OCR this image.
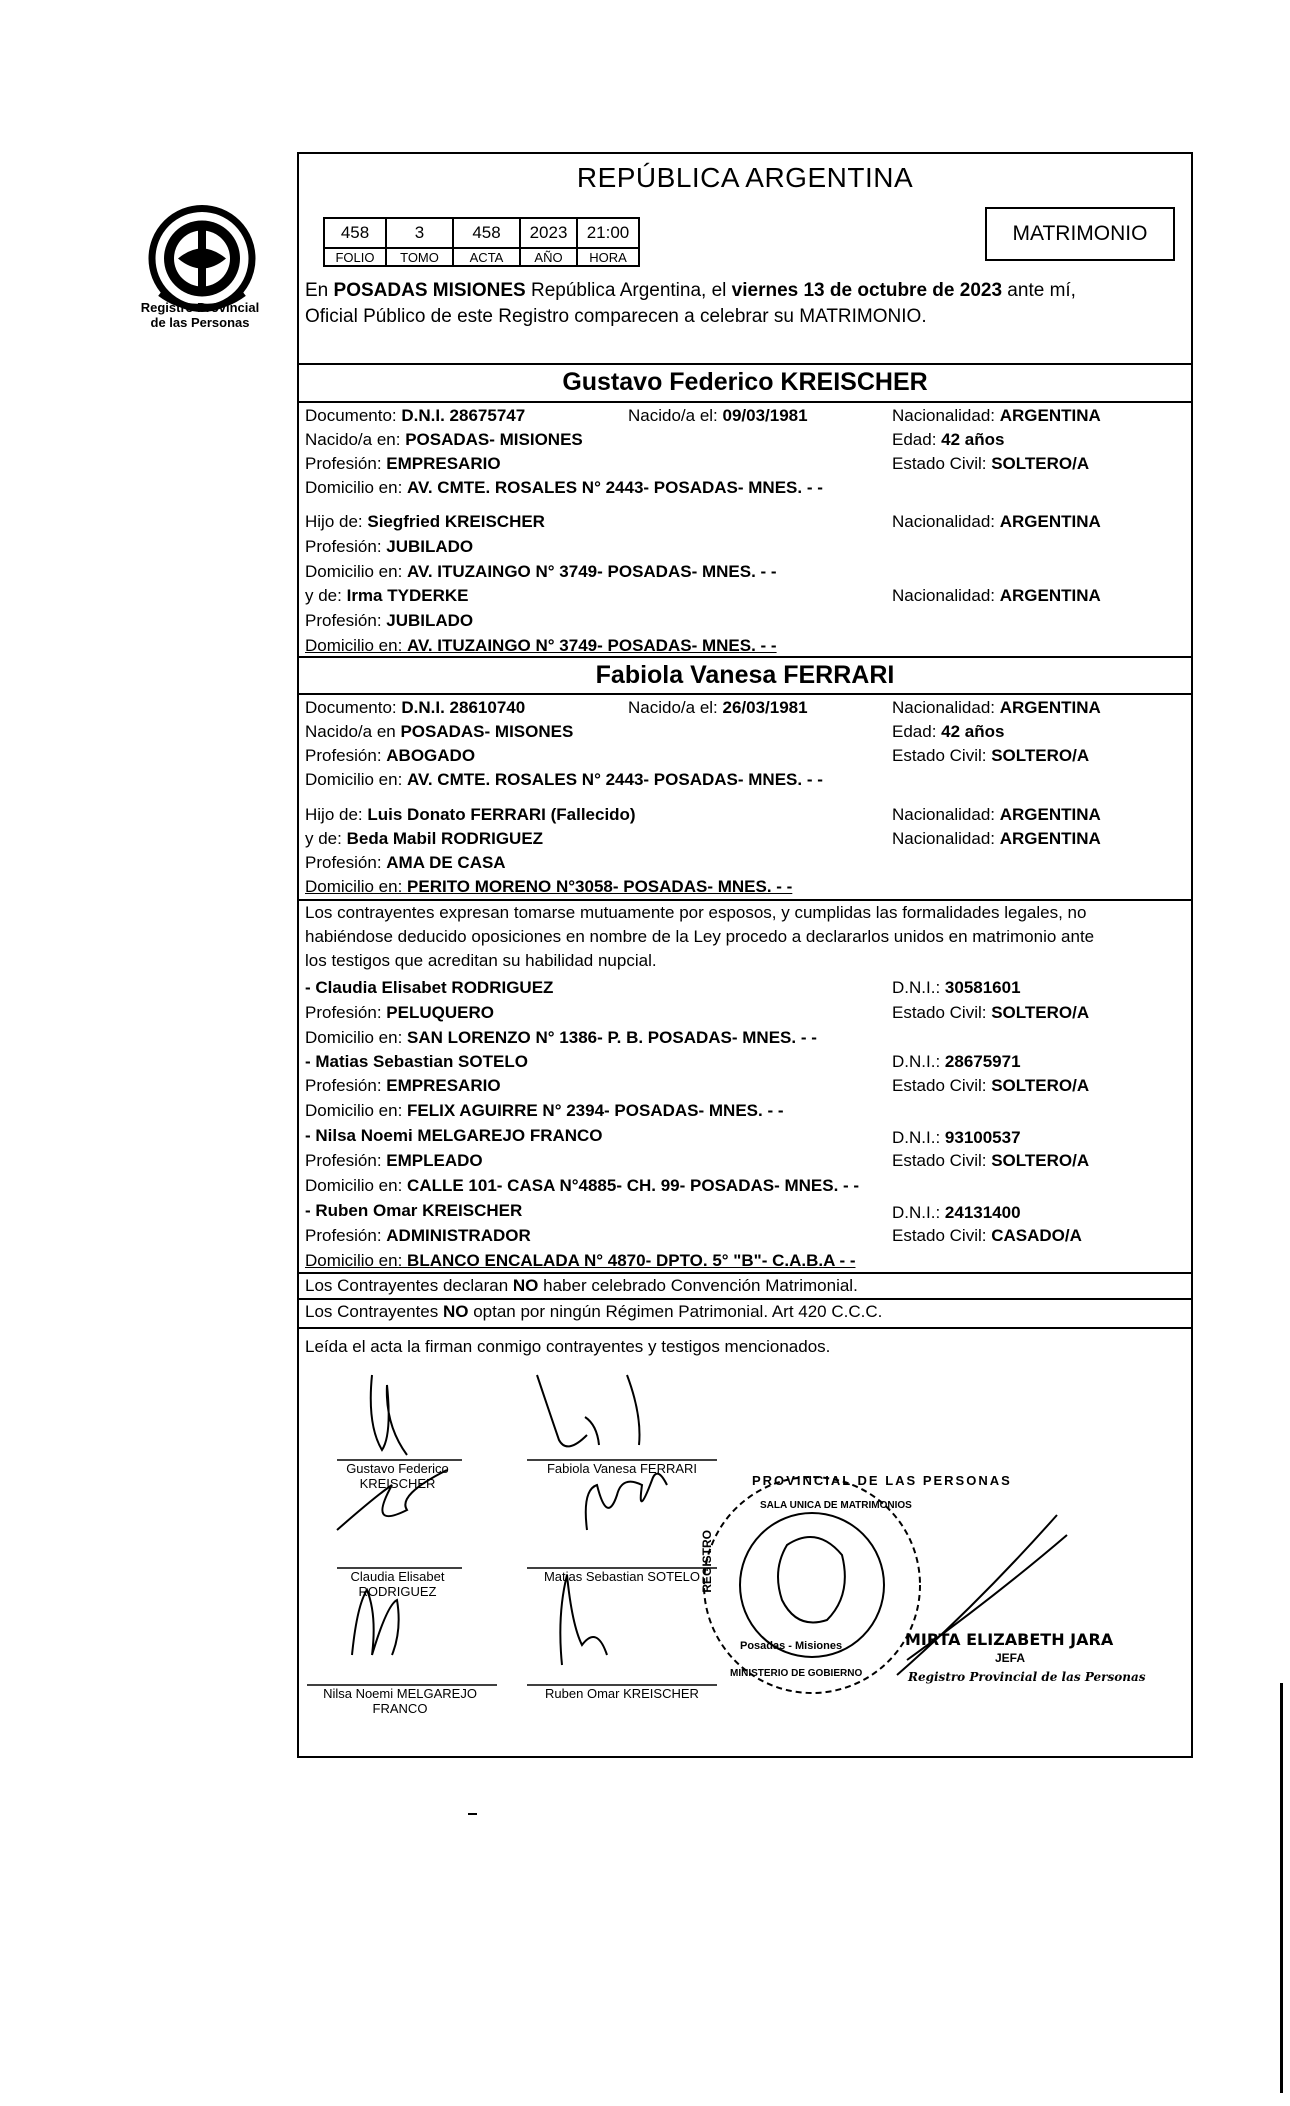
Registro Provincial
de las Personas
REPÚBLICA ARGENTINA
458	3	458	2023	21:00
FOLIO	TOMO	ACTA	AÑO	HORA
MATRIMONIO
En POSADAS MISIONES República Argentina, el viernes 13 de octubre de 2023 ante mí,
Oficial Público de este Registro comparecen a celebrar su MATRIMONIO.
Gustavo Federico KREISCHER
Documento: D.N.I. 28675747	Nacido/a el: 09/03/1981	Nacionalidad: ARGENTINA
Nacido/a en: POSADAS- MISIONES	Edad: 42 años
Profesión: EMPRESARIO	Estado Civil: SOLTERO/A
Domicilio en: AV. CMTE. ROSALES N° 2443- POSADAS- MNES. - -
Hijo de: Siegfried KREISCHER	Nacionalidad: ARGENTINA
Profesión: JUBILADO
Domicilio en: AV. ITUZAINGO N° 3749- POSADAS- MNES. - -
y de: Irma TYDERKE	Nacionalidad: ARGENTINA
Profesión: JUBILADO
Domicilio en: AV. ITUZAINGO N° 3749- POSADAS- MNES. - -
Fabiola Vanesa FERRARI
Documento: D.N.I. 28610740	Nacido/a el: 26/03/1981	Nacionalidad: ARGENTINA
Nacido/a en POSADAS- MISONES	Edad: 42 años
Profesión: ABOGADO	Estado Civil: SOLTERO/A
Domicilio en: AV. CMTE. ROSALES N° 2443- POSADAS- MNES. - -
Hijo de: Luis Donato FERRARI (Fallecido)	Nacionalidad: ARGENTINA
y de: Beda Mabil RODRIGUEZ	Nacionalidad: ARGENTINA
Profesión: AMA DE CASA
Domicilio en: PERITO MORENO N°3058- POSADAS- MNES. - -
Los contrayentes expresan tomarse mutuamente por esposos, y cumplidas las formalidades legales, no
habiéndose deducido oposiciones en nombre de la Ley procedo a declararlos unidos en matrimonio ante
los testigos que acreditan su habilidad nupcial.
- Claudia Elisabet RODRIGUEZ	D.N.I.: 30581601
Profesión: PELUQUERO	Estado Civil: SOLTERO/A
Domicilio en: SAN LORENZO N° 1386- P. B. POSADAS- MNES. - -
- Matias Sebastian SOTELO	D.N.I.: 28675971
Profesión: EMPRESARIO	Estado Civil: SOLTERO/A
Domicilio en: FELIX AGUIRRE N° 2394- POSADAS- MNES. - -
- Nilsa Noemi MELGAREJO FRANCO	D.N.I.: 93100537
Profesión: EMPLEADO	Estado Civil: SOLTERO/A
Domicilio en: CALLE 101- CASA N°4885- CH. 99- POSADAS- MNES. - -
- Ruben Omar KREISCHER	D.N.I.: 24131400
Profesión: ADMINISTRADOR	Estado Civil: CASADO/A
Domicilio en: BLANCO ENCALADA N° 4870- DPTO. 5° "B"- C.A.B.A - -
Los Contrayentes declaran NO haber celebrado Convención Matrimonial.
Los Contrayentes NO optan por ningún Régimen Patrimonial. Art 420 C.C.C.
Leída el acta la firman conmigo contrayentes y testigos mencionados.
Gustavo Federico
KREISCHER
Fabiola Vanesa FERRARI
Claudia Elisabet
RODRIGUEZ
Matias Sebastian SOTELO
Nilsa Noemi MELGAREJO
FRANCO
Ruben Omar KREISCHER
PROVINCIAL DE LAS PERSONAS
REGISTRO
SALA UNICA DE MATRIMONIOS
MINISTERIO DE GOBIERNO
Posadas - Misiones	MIRTA ELIZABETH JARA
JEFA
Registro Provincial de las Personas
